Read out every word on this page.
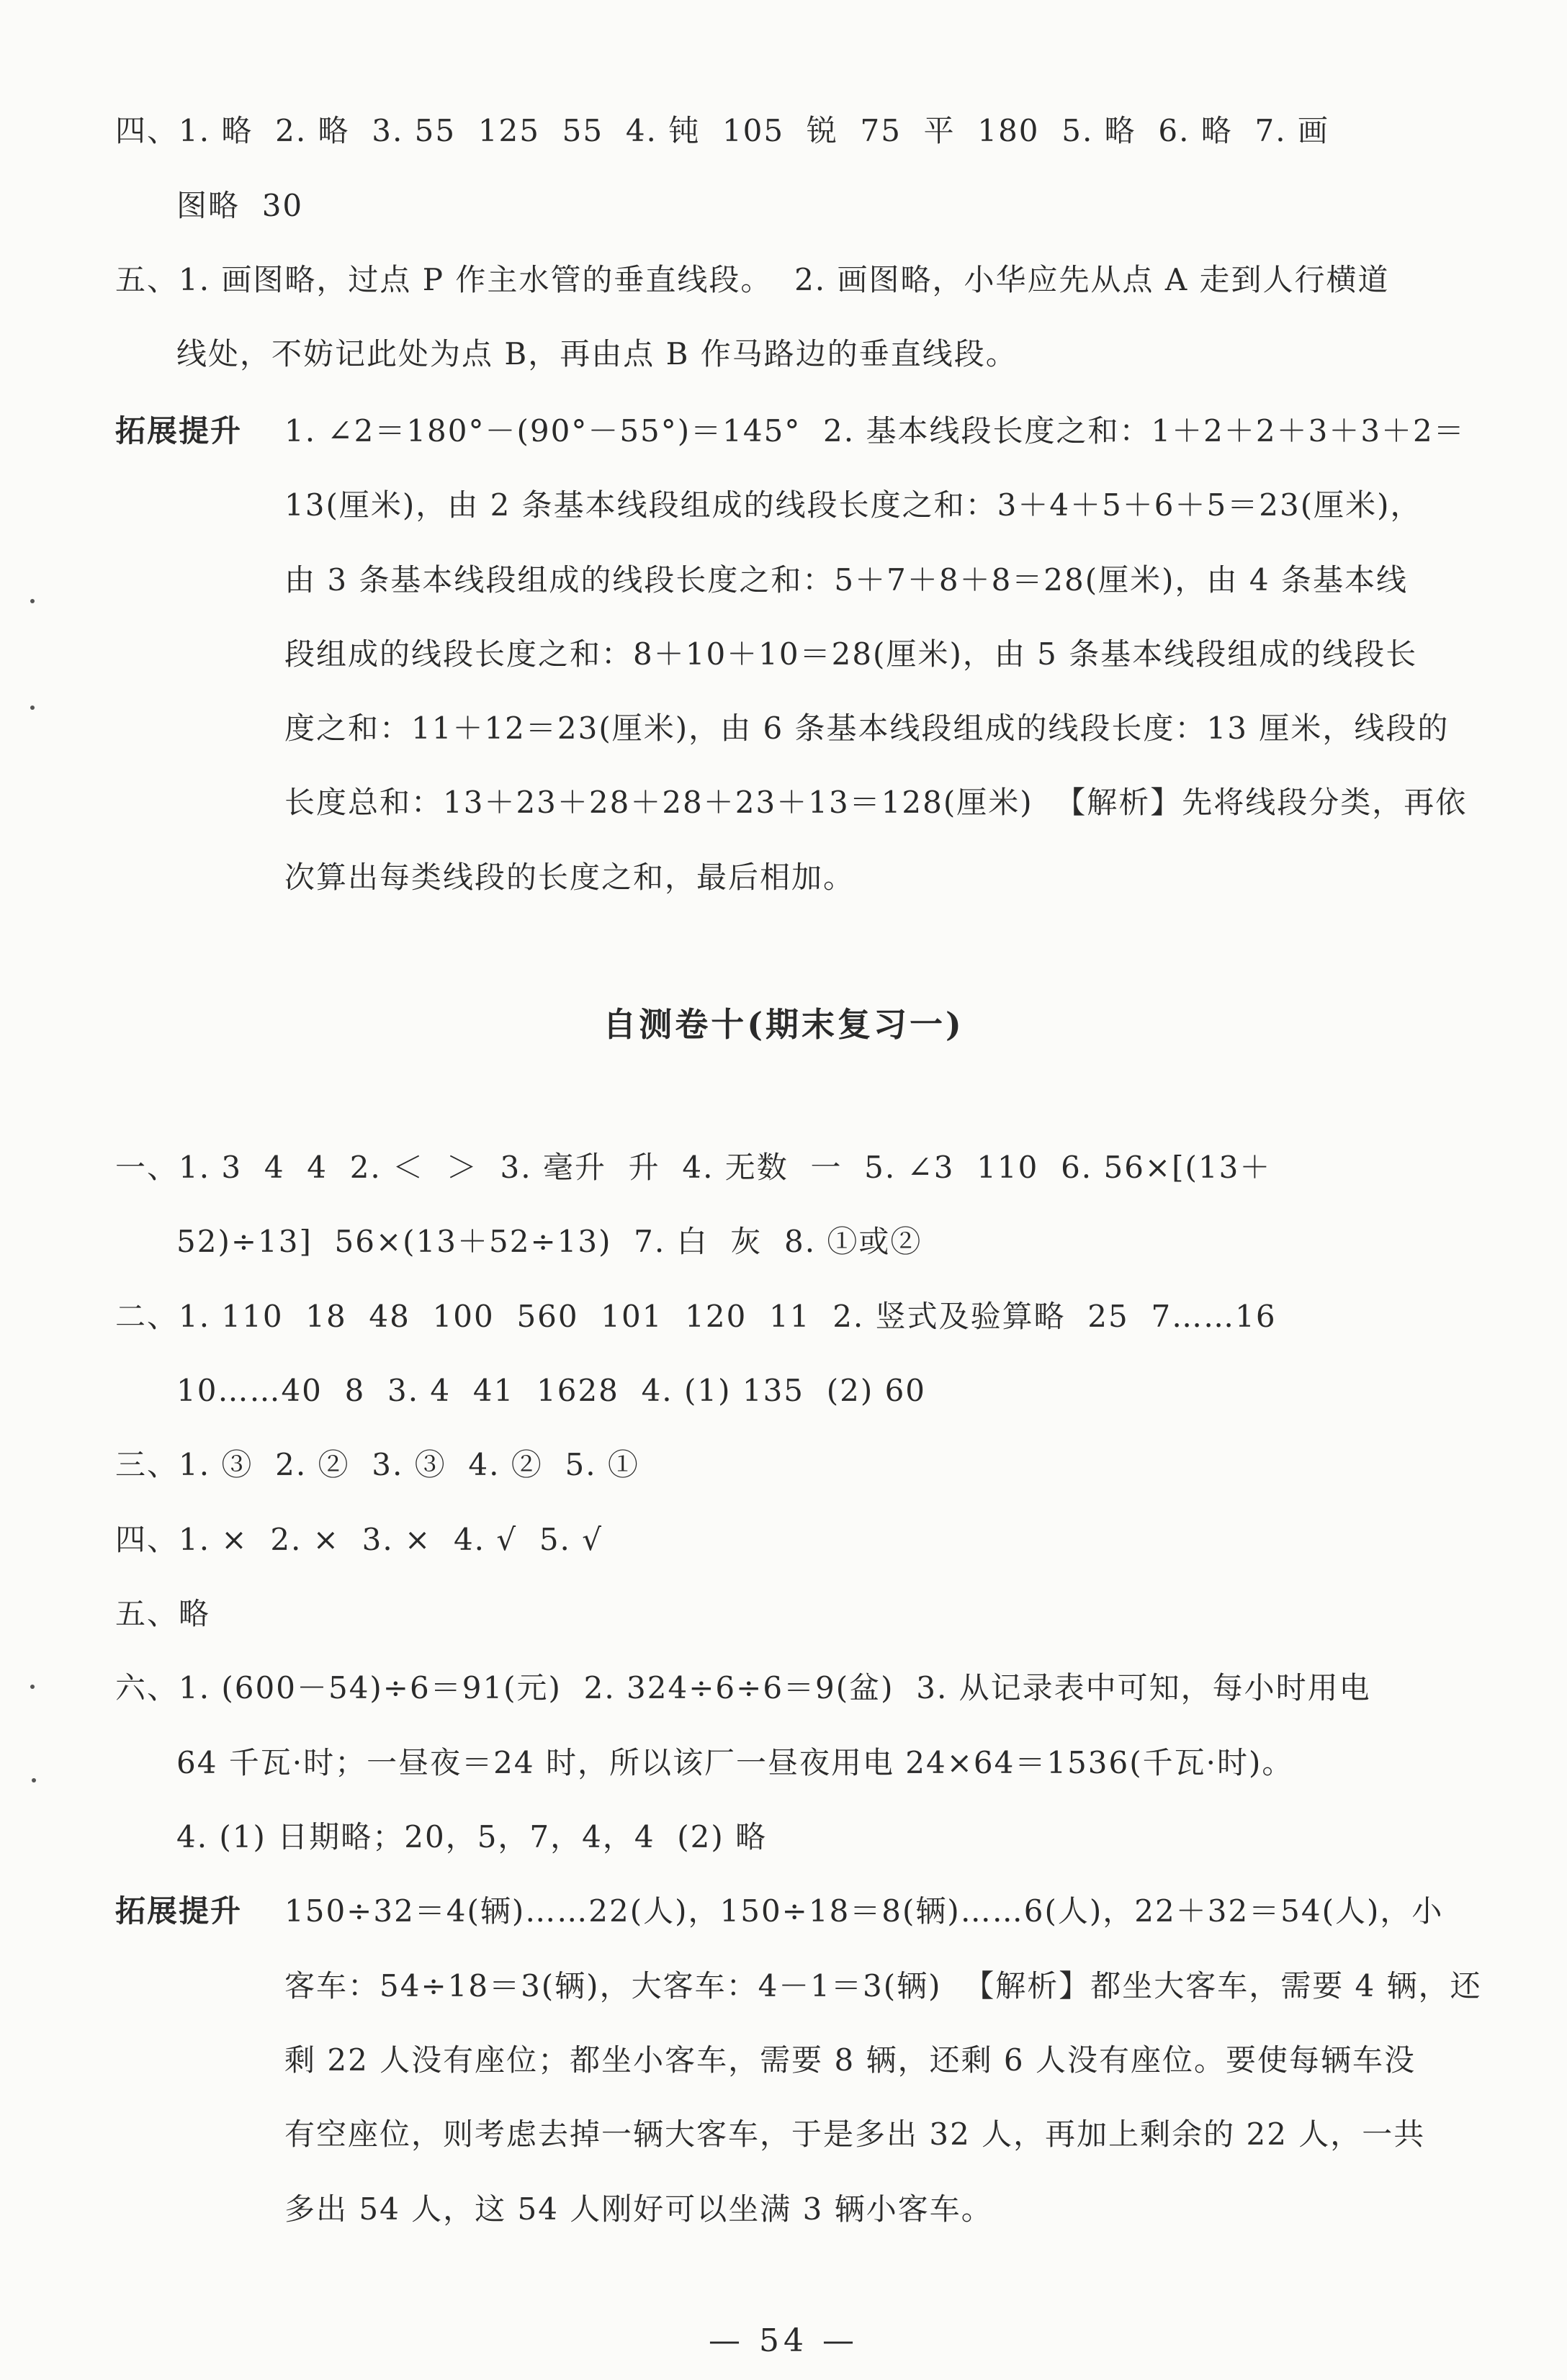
四、1. 略  2. 略  3. 55  125  55  4. 钝  105  锐  75  平  180  5. 略  6. 略  7. 画
图略  30
五、1. 画图略，过点 P 作主水管的垂直线段。  2. 画图略，小华应先从点 A 走到人行横道
线处，不妨记此处为点 B，再由点 B 作马路边的垂直线段。
拓展提升 1. ∠2＝180°－(90°－55°)＝145°  2. 基本线段长度之和：1＋2＋2＋3＋3＋2＝
13(厘米)，由 2 条基本线段组成的线段长度之和：3＋4＋5＋6＋5＝23(厘米)，
由 3 条基本线段组成的线段长度之和：5＋7＋8＋8＝28(厘米)，由 4 条基本线
段组成的线段长度之和：8＋10＋10＝28(厘米)，由 5 条基本线段组成的线段长
度之和：11＋12＝23(厘米)，由 6 条基本线段组成的线段长度：13 厘米，线段的
长度总和：13＋23＋28＋28＋23＋13＝128(厘米)  【解析】先将线段分类，再依
次算出每类线段的长度之和，最后相加。
自测卷十(期末复习一)
一、1. 3  4  4  2. ＜  ＞  3. 毫升  升  4. 无数  一  5. ∠3  110  6. 56×[(13＋
52)÷13]  56×(13＋52÷13)  7. 白  灰  8. ①或②
二、1. 110  18  48  100  560  101  120  11  2. 竖式及验算略  25  7……16
10……40  8  3. 4  41  1628  4. (1) 135  (2) 60
三、1. ③  2. ②  3. ③  4. ②  5. ①
四、1. ×  2. ×  3. ×  4. √  5. √
五、略
六、1. (600－54)÷6＝91(元)  2. 324÷6÷6＝9(盆)  3. 从记录表中可知，每小时用电
64 千瓦·时；一昼夜＝24 时，所以该厂一昼夜用电 24×64＝1536(千瓦·时)。
4. (1) 日期略；20，5，7，4，4  (2) 略
拓展提升 150÷32＝4(辆)……22(人)，150÷18＝8(辆)……6(人)，22＋32＝54(人)，小
客车：54÷18＝3(辆)，大客车：4－1＝3(辆)  【解析】都坐大客车，需要 4 辆，还
剩 22 人没有座位；都坐小客车，需要 8 辆，还剩 6 人没有座位。要使每辆车没
有空座位，则考虑去掉一辆大客车，于是多出 32 人，再加上剩余的 22 人，一共
多出 54 人，这 54 人刚好可以坐满 3 辆小客车。
— 54 —
